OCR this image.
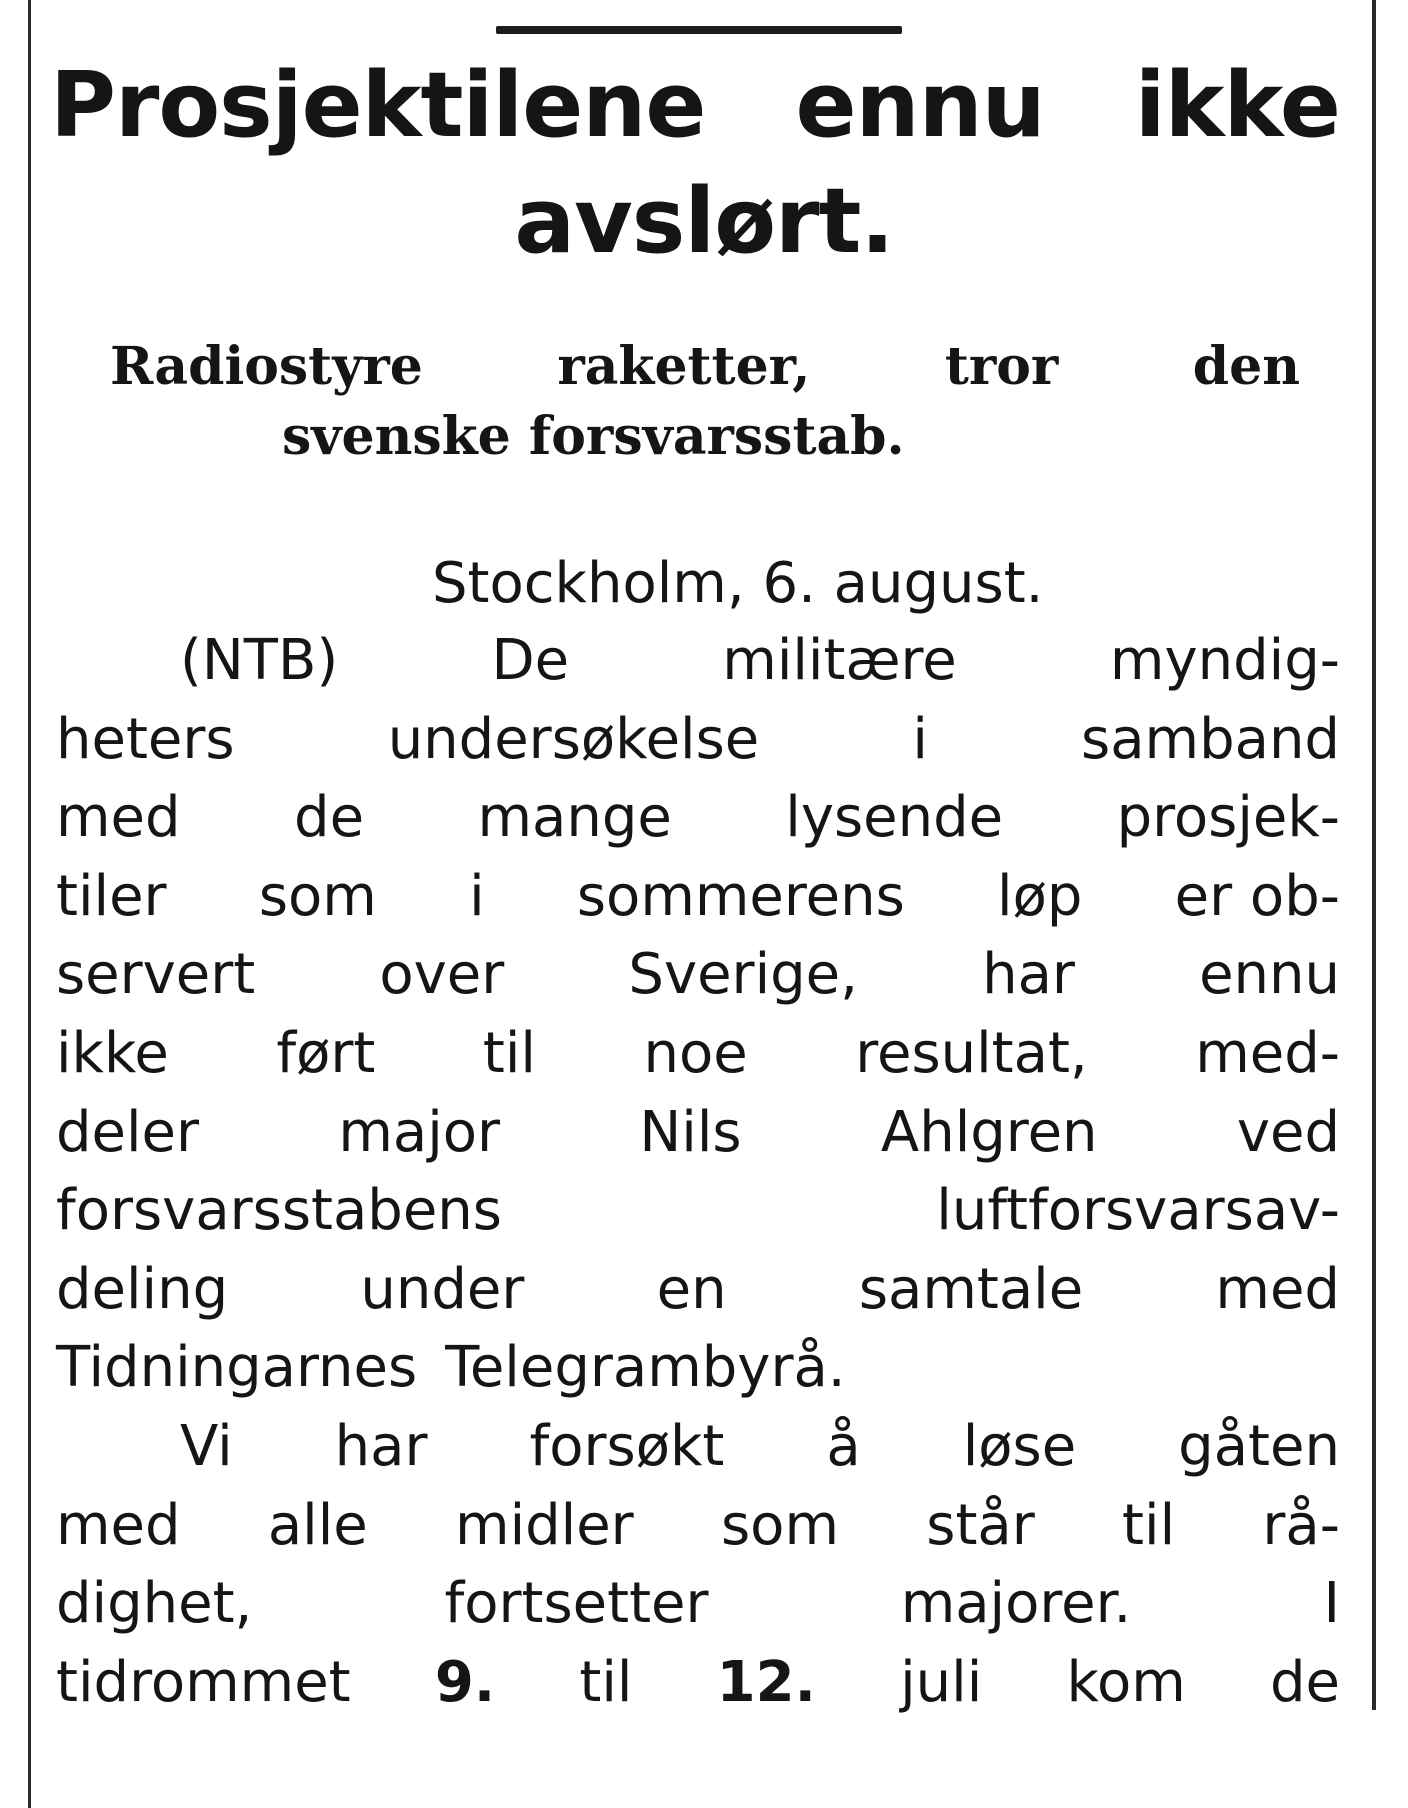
Prosjektilene ennu ikke
avslørt.
Radiostyre	raketter,	tror	den
svenske forsvarsstab.
Stockholm, 6. august.
(NTB)	De	militære	myndig-
heters	undersøkelse	i	samband
med de mange lysende prosjek-
tiler som i sommerens løp er ob-
servert over Sverige, har ennu
ikke ført til noe resultat, med-
deler major Nils Ahlgren ved
forsvarsstabens	luftforsvarsav-
deling under en samtale med
Tidningarnes Telegrambyrå.
Vi har forsøkt å løse gåten
med alle midler som står til rå-
dighet,	fortsetter	majorer.	I
tidrommet 9. til 12. juli kom de
